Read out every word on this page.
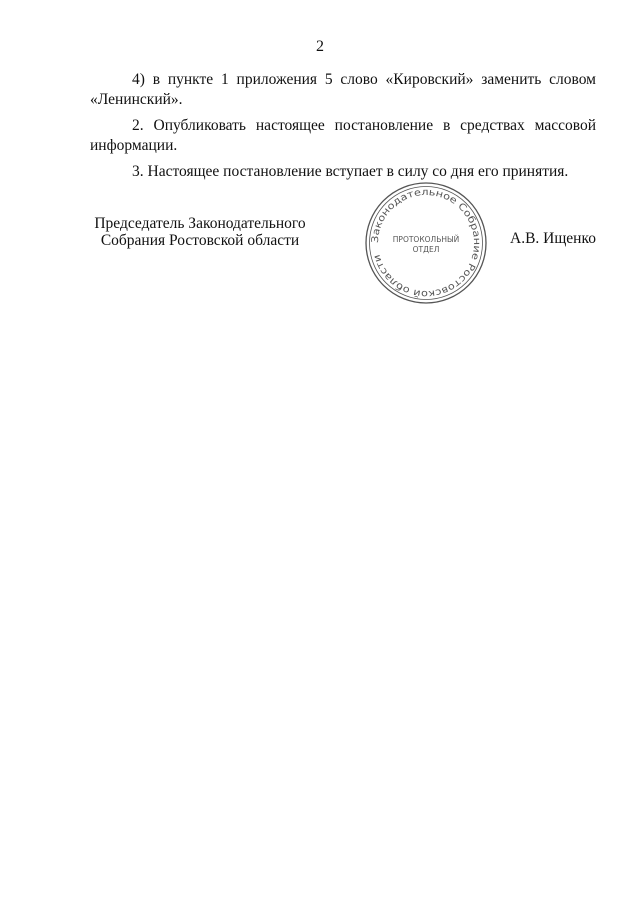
2

4) в пункте 1 приложения 5 слово «Кировский» заменить словом «Ленинский».

2. Опубликовать настоящее постановление в средствах массовой информации.

3. Настоящее постановление вступает в силу со дня его принятия.

Председатель Законодательного
Собрания Ростовской области	Законодательное Собрание Ростовской области
ПРОТОКОЛЬНЫЙ
ОТДЕЛ
А.В. Ищенко
